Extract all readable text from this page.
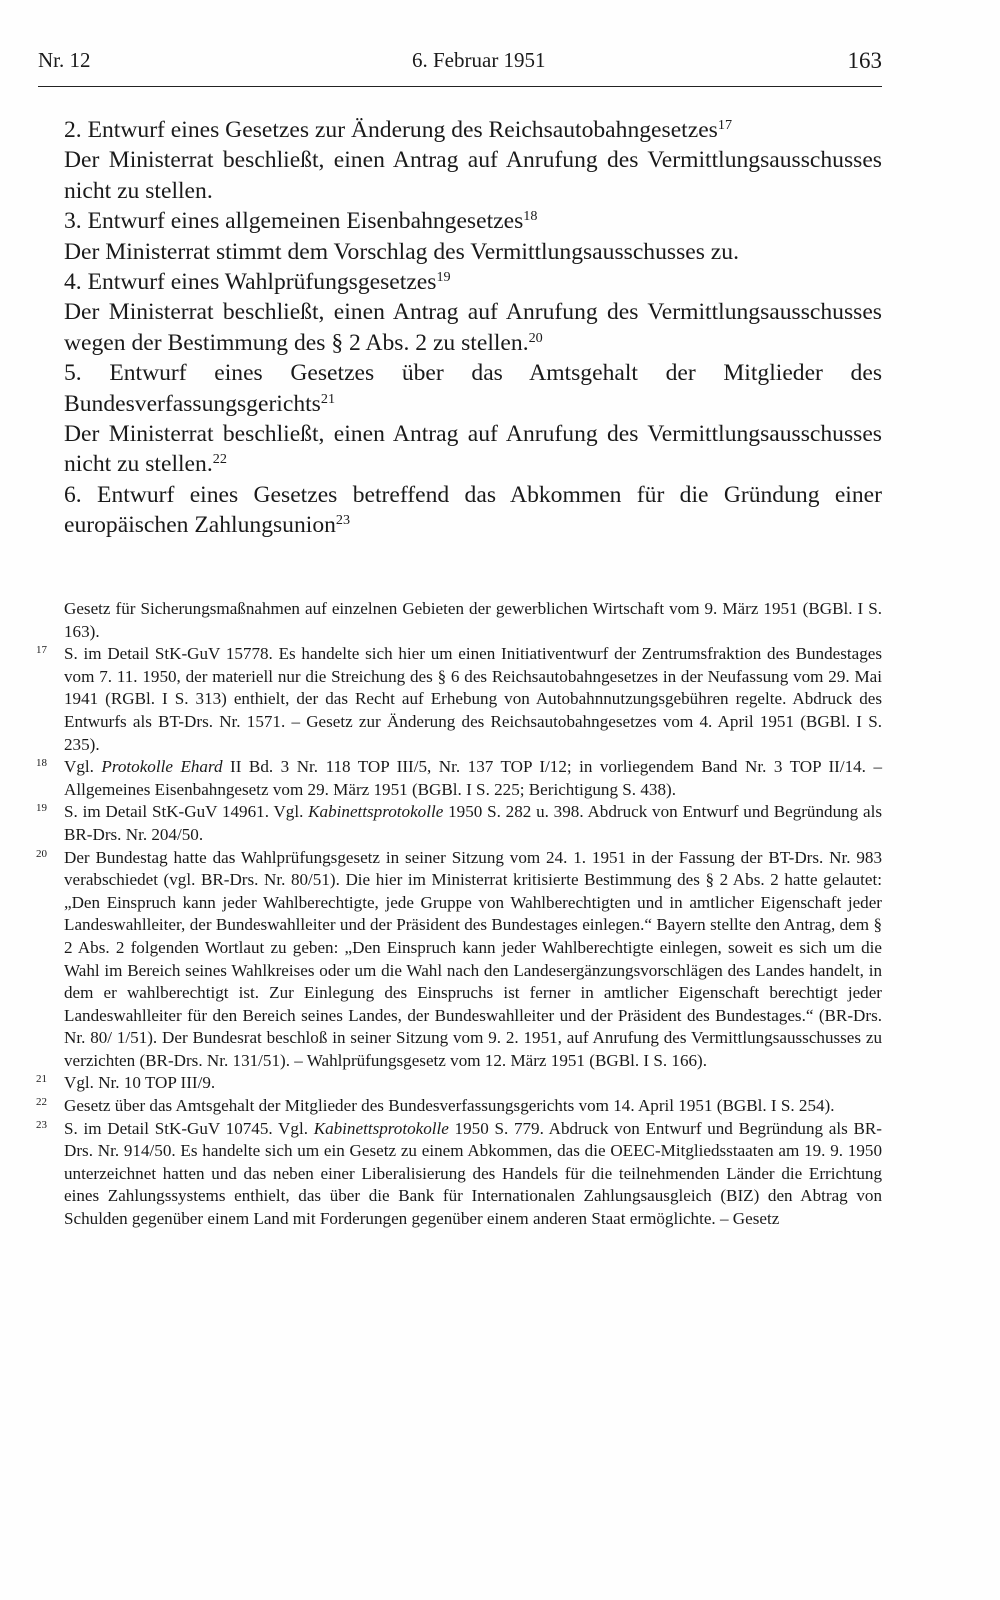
Nr. 12	6. Februar 1951	163

2. Entwurf eines Gesetzes zur Änderung des Reichsautobahngesetzes$^{17}$

Der Ministerrat beschließt, einen Antrag auf Anrufung des Vermittlungsausschusses nicht zu stellen.

3. Entwurf eines allgemeinen Eisenbahngesetzes$^{18}$

Der Ministerrat stimmt dem Vorschlag des Vermittlungsausschusses zu.

4. Entwurf eines Wahlprüfungsgesetzes$^{19}$

Der Ministerrat beschließt, einen Antrag auf Anrufung des Vermittlungsausschusses wegen der Bestimmung des § 2 Abs. 2 zu stellen.$^{20}$

5. Entwurf eines Gesetzes über das Amtsgehalt der Mitglieder des Bundesverfassungsgerichts$^{21}$

Der Ministerrat beschließt, einen Antrag auf Anrufung des Vermittlungsausschusses nicht zu stellen.$^{22}$

6. Entwurf eines Gesetzes betreffend das Abkommen für die Gründung einer europäischen Zahlungsunion$^{23}$

Gesetz für Sicherungsmaßnahmen auf einzelnen Gebieten der gewerblichen Wirtschaft vom 9. März 1951 (BGBl. I S. 163).

17 S. im Detail StK-GuV 15778. Es handelte sich hier um einen Initiativentwurf der Zentrumsfraktion des Bundestages vom 7. 11. 1950, der materiell nur die Streichung des § 6 des Reichsautobahngesetzes in der Neufassung vom 29. Mai 1941 (RGBl. I S. 313) enthielt, der das Recht auf Erhebung von Autobahnnutzungsgebühren regelte. Abdruck des Entwurfs als BT-Drs. Nr. 1571. – Gesetz zur Änderung des Reichsautobahngesetzes vom 4. April 1951 (BGBl. I S. 235).

18 Vgl. Protokolle Ehard II Bd. 3 Nr. 118 TOP III/5, Nr. 137 TOP I/12; in vorliegendem Band Nr. 3 TOP II/14. – Allgemeines Eisenbahngesetz vom 29. März 1951 (BGBl. I S. 225; Berichtigung S. 438).

19 S. im Detail StK-GuV 14961. Vgl. Kabinettsprotokolle 1950 S. 282 u. 398. Abdruck von Entwurf und Begründung als BR-Drs. Nr. 204/50.

20 Der Bundestag hatte das Wahlprüfungsgesetz in seiner Sitzung vom 24. 1. 1951 in der Fassung der BT-Drs. Nr. 983 verabschiedet (vgl. BR-Drs. Nr. 80/51). Die hier im Ministerrat kritisierte Bestimmung des § 2 Abs. 2 hatte gelautet: „Den Einspruch kann jeder Wahlberechtigte, jede Gruppe von Wahlberechtigten und in amtlicher Eigenschaft jeder Landeswahlleiter, der Bundeswahlleiter und der Präsident des Bundestages einlegen.“ Bayern stellte den Antrag, dem § 2 Abs. 2 folgenden Wortlaut zu geben: „Den Einspruch kann jeder Wahlberechtigte einlegen, soweit es sich um die Wahl im Bereich seines Wahlkreises oder um die Wahl nach den Landesergänzungsvorschlägen des Landes handelt, in dem er wahlberechtigt ist. Zur Einlegung des Einspruchs ist ferner in amtlicher Eigenschaft berechtigt jeder Landeswahlleiter für den Bereich seines Landes, der Bundeswahlleiter und der Präsident des Bundestages.“ (BR-Drs. Nr. 80/ 1/51). Der Bundesrat beschloß in seiner Sitzung vom 9. 2. 1951, auf Anrufung des Vermittlungsausschusses zu verzichten (BR-Drs. Nr. 131/51). – Wahlprüfungsgesetz vom 12. März 1951 (BGBl. I S. 166).

21 Vgl. Nr. 10 TOP III/9.

22 Gesetz über das Amtsgehalt der Mitglieder des Bundesverfassungsgerichts vom 14. April 1951 (BGBl. I S. 254).

23 S. im Detail StK-GuV 10745. Vgl. Kabinettsprotokolle 1950 S. 779. Abdruck von Entwurf und Begründung als BR-Drs. Nr. 914/50. Es handelte sich um ein Gesetz zu einem Abkommen, das die OEEC-Mitgliedsstaaten am 19. 9. 1950 unterzeichnet hatten und das neben einer Liberalisierung des Handels für die teilnehmenden Länder die Errichtung eines Zahlungssystems enthielt, das über die Bank für Internationalen Zahlungsausgleich (BIZ) den Abtrag von Schulden gegenüber einem Land mit Forderungen gegenüber einem anderen Staat ermöglichte. – Gesetz
